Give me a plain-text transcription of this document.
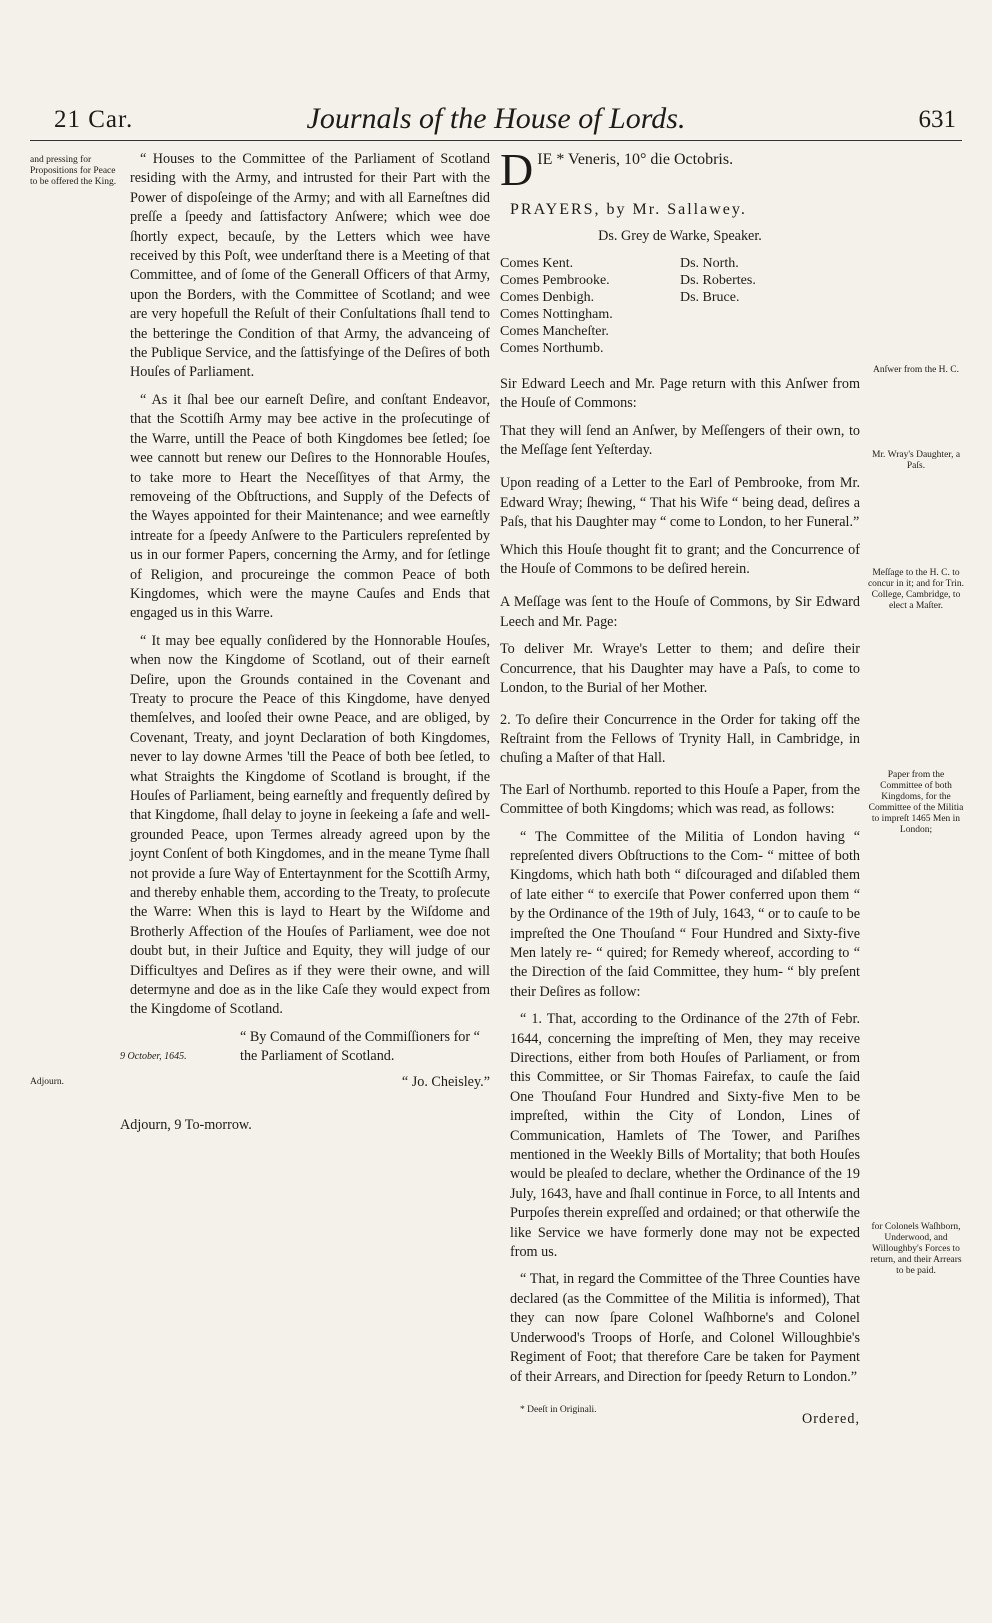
21 Car.	Journals of the House of Lords.	631
and pressing for Propositions for Peace to be offered the King.
Adjourn.

“ Houses to the Committee of the Parliament of Scotland residing with the Army, and intrusted for their Part with the Power of dispoſeinge of the Army; and with all Earneſtnes did preſſe a ſpeedy and ſattisfactory Anſwere; which wee doe ſhortly expect, becauſe, by the Letters which wee have received by this Poſt, wee underſtand there is a Meeting of that Committee, and of ſome of the Generall Officers of that Army, upon the Borders, with the Committee of Scotland; and wee are very hopefull the Reſult of their Conſultations ſhall tend to the betteringe the Condition of that Army, the advanceing of the Publique Service, and the ſattisfyinge of the Deſires of both Houſes of Parliament.

“ As it ſhal bee our earneſt Deſire, and conſtant Endeavor, that the Scottiſh Army may bee active in the proſecutinge of the Warre, untill the Peace of both Kingdomes bee ſetled; ſoe wee cannott but renew our Deſires to the Honnorable Houſes, to take more to Heart the Neceſſityes of that Army, the removeing of the Obſtructions, and Supply of the Defects of the Wayes appointed for their Maintenance; and wee earneſtly intreate for a ſpeedy Anſwere to the Particulers repreſented by us in our former Papers, concerning the Army, and for ſetlinge of Religion, and procureinge the common Peace of both Kingdomes, which were the mayne Cauſes and Ends that engaged us in this Warre.

“ It may bee equally conſidered by the Honnorable Houſes, when now the Kingdome of Scotland, out of their earneſt Deſire, upon the Grounds contained in the Covenant and Treaty to procure the Peace of this Kingdome, have denyed themſelves, and looſed their owne Peace, and are obliged, by Covenant, Treaty, and joynt Declaration of both Kingdomes, never to lay downe Armes 'till the Peace of both bee ſetled, to what Straights the Kingdome of Scotland is brought, if the Houſes of Parliament, being earneſtly and frequently deſired by that Kingdome, ſhall delay to joyne in ſeekeing a ſafe and well-grounded Peace, upon Termes already agreed upon by the joynt Conſent of both Kingdomes, and in the meane Tyme ſhall not provide a ſure Way of Entertaynment for the Scottiſh Army, and thereby enhable them, according to the Treaty, to proſecute the Warre: When this is layd to Heart by the Wiſdome and Brotherly Affection of the Houſes of Parliament, wee doe not doubt but, in their Juſtice and Equity, they will judge of our Difficultyes and Deſires as if they were their owne, and will determyne and doe as in the like Caſe they would expect from the Kingdome of Scotland.

9 October, 1645.
“ By Comaund of the Commiſſioners for “ the Parliament of Scotland.
“ Jo. Cheisley.”
Adjourn, 9 To-morrow.
D IE * Veneris, 10° die Octobris.
PRAYERS, by Mr. Sallawey.
Ds. Grey de Warke, Speaker.
Comes Kent.
Comes Pembrooke.
Comes Denbigh.
Comes Nottingham.
Comes Mancheſter.
Comes Northumb.
Ds. North.
Ds. Robertes.
Ds. Bruce.

Sir Edward Leech and Mr. Page return with this Anſwer from the Houſe of Commons:

That they will ſend an Anſwer, by Meſſengers of their own, to the Meſſage ſent Yeſterday.

Upon reading of a Letter to the Earl of Pembrooke, from Mr. Edward Wray; ſhewing, “ That his Wife “ being dead, deſires a Paſs, that his Daughter may “ come to London, to her Funeral.”

Which this Houſe thought fit to grant; and the Concurrence of the Houſe of Commons to be deſired herein.

A Meſſage was ſent to the Houſe of Commons, by Sir Edward Leech and Mr. Page:

To deliver Mr. Wraye's Letter to them; and deſire their Concurrence, that his Daughter may have a Paſs, to come to London, to the Burial of her Mother.

2. To deſire their Concurrence in the Order for taking off the Reſtraint from the Fellows of Trynity Hall, in Cambridge, in chuſing a Maſter of that Hall.

The Earl of Northumb. reported to this Houſe a Paper, from the Committee of both Kingdoms; which was read, as follows:

“ The Committee of the Militia of London having “ repreſented divers Obſtructions to the Com- “ mittee of both Kingdoms, which hath both “ diſcouraged and diſabled them of late either “ to exerciſe that Power conferred upon them “ by the Ordinance of the 19th of July, 1643, “ or to cauſe to be impreſted the One Thouſand “ Four Hundred and Sixty-five Men lately re- “ quired; for Remedy whereof, according to “ the Direction of the ſaid Committee, they hum- “ bly preſent their Deſires as follow:

“ 1. That, according to the Ordinance of the 27th of Febr. 1644, concerning the impreſting of Men, they may receive Directions, either from both Houſes of Parliament, or from this Committee, or Sir Thomas Fairefax, to cauſe the ſaid One Thouſand Four Hundred and Sixty-five Men to be impreſted, within the City of London, Lines of Communication, Hamlets of The Tower, and Pariſhes mentioned in the Weekly Bills of Mortality; that both Houſes would be pleaſed to declare, whether the Ordinance of the 19 July, 1643, have and ſhall continue in Force, to all Intents and Purpoſes therein expreſſed and ordained; or that otherwiſe the like Service we have formerly done may not be expected from us.

“ That, in regard the Committee of the Three Counties have declared (as the Committee of the Militia is informed), That they can now ſpare Colonel Waſhborne's and Colonel Underwood's Troops of Horſe, and Colonel Willoughbie's Regiment of Foot; that therefore Care be taken for Payment of their Arrears, and Direction for ſpeedy Return to London.”

* Deeſt in Originali.
Ordered,
Anſwer from the H. C.
Mr. Wray's Daughter, a Paſs.
Meſſage to the H. C. to concur in it; and for Trin. College, Cambridge, to elect a Maſter.
Paper from the Committee of both Kingdoms, for the Committee of the Militia to impreſt 1465 Men in London;
for Colonels Waſhborn, Underwood, and Willoughby's Forces to return, and their Arrears to be paid.
